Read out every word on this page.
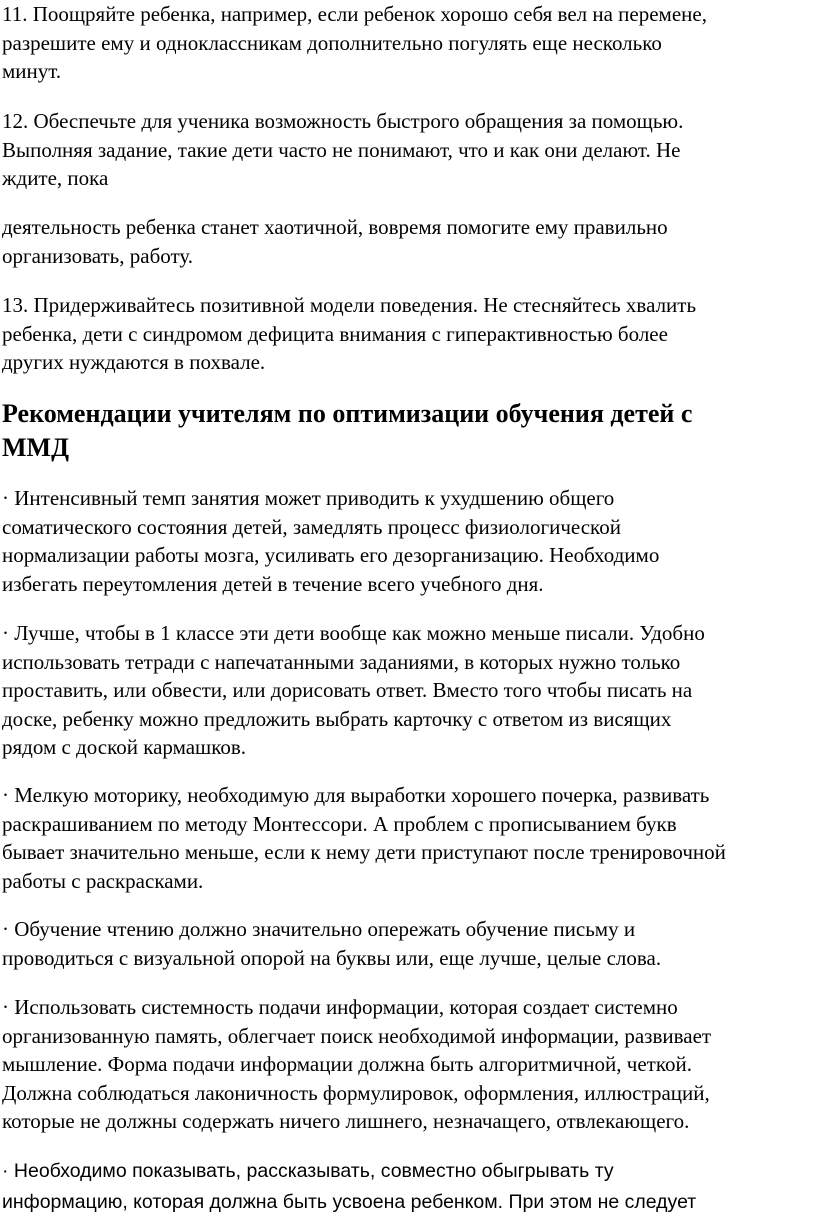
11. Поощряйте ребенка, например, если ребенок хорошо себя вел на перемене,
разрешите ему и одноклассникам дополнительно погулять еще несколько
минут.

12. Обеспечьте для ученика возможность быстрого обращения за помощью.
Выполняя задание, такие дети часто не понимают, что и как они делают. Не
ждите, пока

деятельность ребенка станет хаотичной, вовремя помогите ему правильно
организовать, работу.

13. Придерживайтесь позитивной модели поведения. Не стесняйтесь хвалить
ребенка, дети с синдромом дефицита внимания с гиперактивностью более
других нуждаются в похвале.

Рекомендации учителям по оптимизации обучения детей с
ММД

· Интенсивный темп занятия может приводить к ухудшению общего
соматического состояния детей, замедлять процесс физиологической
нормализации работы мозга, усиливать его дезорганизацию. Необходимо
избегать переутомления детей в течение всего учебного дня.

· Лучше, чтобы в 1 классе эти дети вообще как можно меньше писали. Удобно
использовать тетради с напечатанными заданиями, в которых нужно только
проставить, или обвести, или дорисовать ответ. Вместо того чтобы писать на
доске, ребенку можно предложить выбрать карточку с ответом из висящих
рядом с доской кармашков.

· Мелкую моторику, необходимую для выработки хорошего почерка, развивать
раскрашиванием по методу Монтессори. А проблем с прописыванием букв
бывает значительно меньше, если к нему дети приступают после тренировочной
работы с раскрасками.

· Обучение чтению должно значительно опережать обучение письму и
проводиться с визуальной опорой на буквы или, еще лучше, целые слова.

· Использовать системность подачи информации, которая создает системно
организованную память, облегчает поиск необходимой информации, развивает
мышление. Форма подачи информации должна быть алгоритмичной, четкой.
Должна соблюдаться лаконичность формулировок, оформления, иллюстраций,
которые не должны содержать ничего лишнего, незначащего, отвлекающего.

· Необходимо показывать, рассказывать, совместно обыгрывать ту
информацию, которая должна быть усвоена ребенком. При этом не следует
